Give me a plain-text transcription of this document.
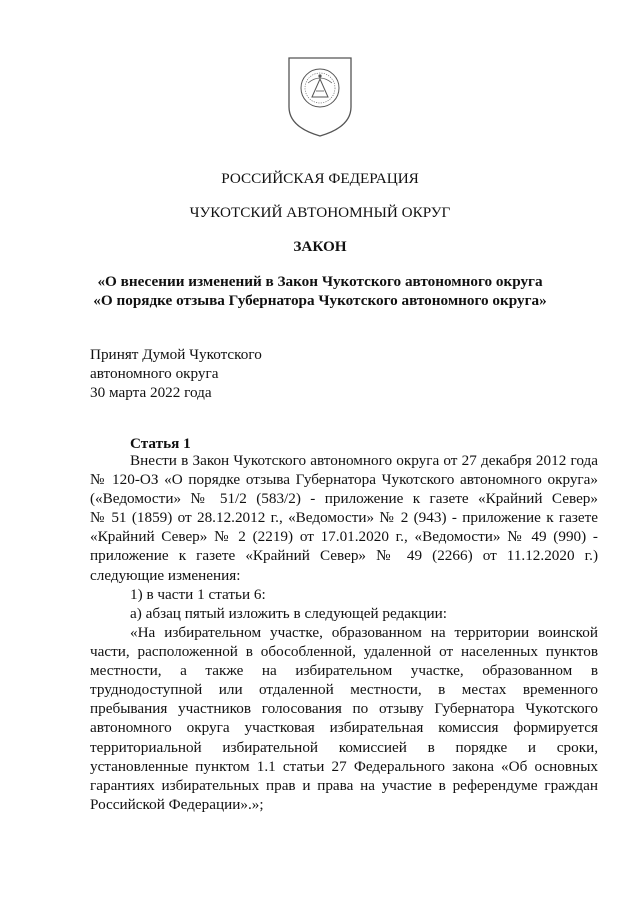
РОССИЙСКАЯ ФЕДЕРАЦИЯ
ЧУКОТСКИЙ АВТОНОМНЫЙ ОКРУГ
ЗАКОН
«О внесении изменений в Закон Чукотского автономного округа
«О порядке отзыва Губернатора Чукотского автономного округа»
Принят Думой Чукотского
автономного округа
30 марта 2022 года
Статья 1
Внести в Закон Чукотского автономного округа от 27 декабря 2012 года
№ 120-ОЗ «О порядке отзыва Губернатора Чукотского автономного округа»
(«Ведомости» № 51/2 (583/2) - приложение к газете «Крайний Север»
№ 51 (1859) от 28.12.2012 г., «Ведомости» № 2 (943) - приложение к газете
«Крайний Север» № 2 (2219) от 17.01.2020 г., «Ведомости» № 49 (990) -
приложение к газете «Крайний Север» № 49 (2266) от 11.12.2020 г.)
следующие изменения:
1) в части 1 статьи 6:
а) абзац пятый изложить в следующей редакции:
«На избирательном участке, образованном на территории воинской
части, расположенной в обособленной, удаленной от населенных пунктов
местности, а также на избирательном участке, образованном в
труднодоступной или отдаленной местности, в местах временного
пребывания участников голосования по отзыву Губернатора Чукотского
автономного округа участковая избирательная комиссия формируется
территориальной избирательной комиссией в порядке и сроки,
установленные пунктом 1.1 статьи 27 Федерального закона «Об основных
гарантиях избирательных прав и права на участие в референдуме граждан
Российской Федерации».»;
